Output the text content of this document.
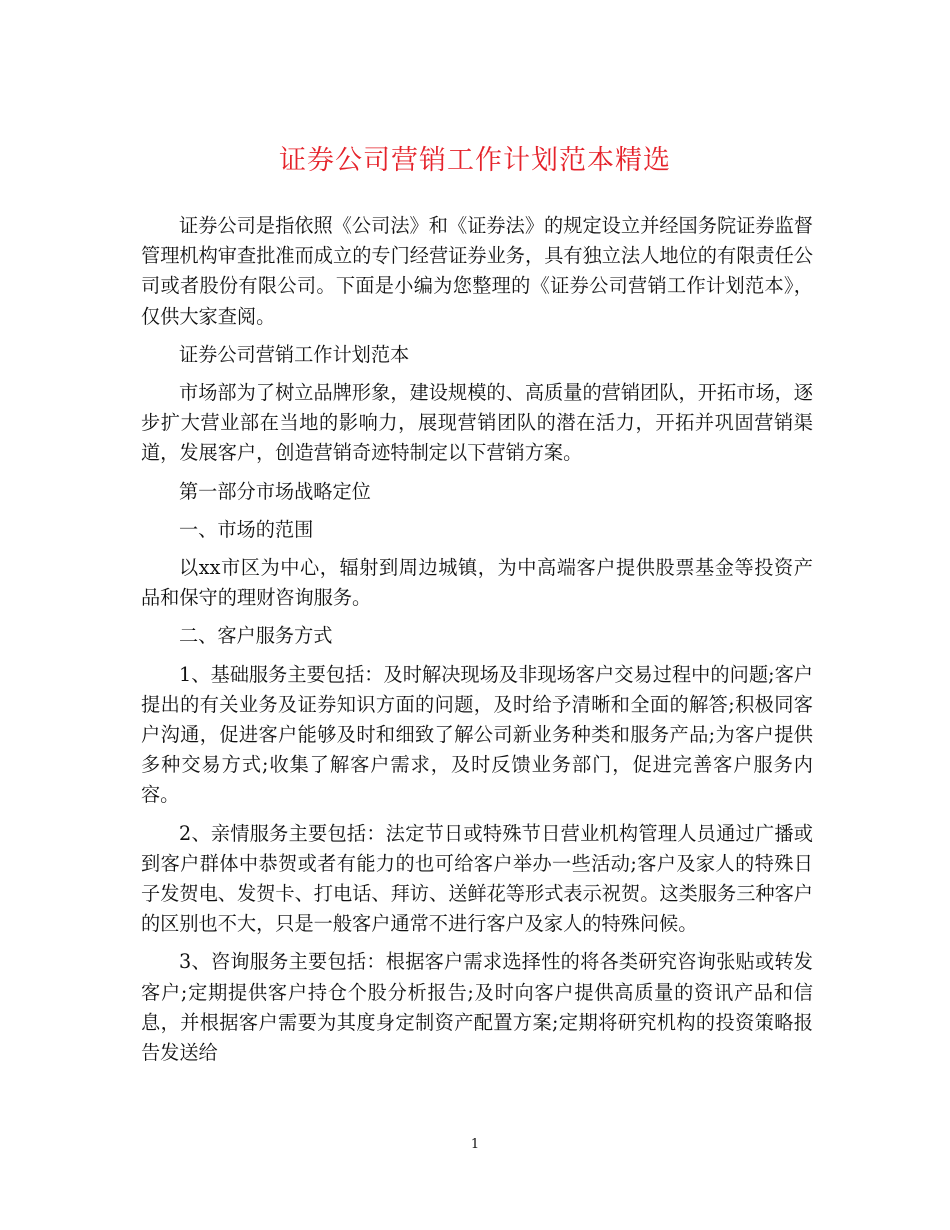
证券公司营销工作计划范本精选

证券公司是指依照《公司法》和《证券法》的规定设立并经国务院证券监督管理机构审查批准而成立的专门经营证券业务，具有独立法人地位的有限责任公司或者股份有限公司。下面是小编为您整理的《证券公司营销工作计划范本》，仅供大家查阅。

证券公司营销工作计划范本

市场部为了树立品牌形象，建设规模的、高质量的营销团队，开拓市场，逐步扩大营业部在当地的影响力，展现营销团队的潜在活力，开拓并巩固营销渠道，发展客户，创造营销奇迹特制定以下营销方案。

第一部分市场战略定位

一、市场的范围

以xx市区为中心，辐射到周边城镇，为中高端客户提供股票基金等投资产品和保守的理财咨询服务。

二、客户服务方式

1、基础服务主要包括：及时解决现场及非现场客户交易过程中的问题;客户提出的有关业务及证券知识方面的问题，及时给予清晰和全面的解答;积极同客户沟通，促进客户能够及时和细致了解公司新业务种类和服务产品;为客户提供多种交易方式;收集了解客户需求，及时反馈业务部门，促进完善客户服务内容。

2、亲情服务主要包括：法定节日或特殊节日营业机构管理人员通过广播或到客户群体中恭贺或者有能力的也可给客户举办一些活动;客户及家人的特殊日子发贺电、发贺卡、打电话、拜访、送鲜花等形式表示祝贺。这类服务三种客户的区别也不大，只是一般客户通常不进行客户及家人的特殊问候。

3、咨询服务主要包括：根据客户需求选择性的将各类研究咨询张贴或转发客户;定期提供客户持仓个股分析报告;及时向客户提供高质量的资讯产品和信息，并根据客户需要为其度身定制资产配置方案;定期将研究机构的投资策略报告发送给

1
